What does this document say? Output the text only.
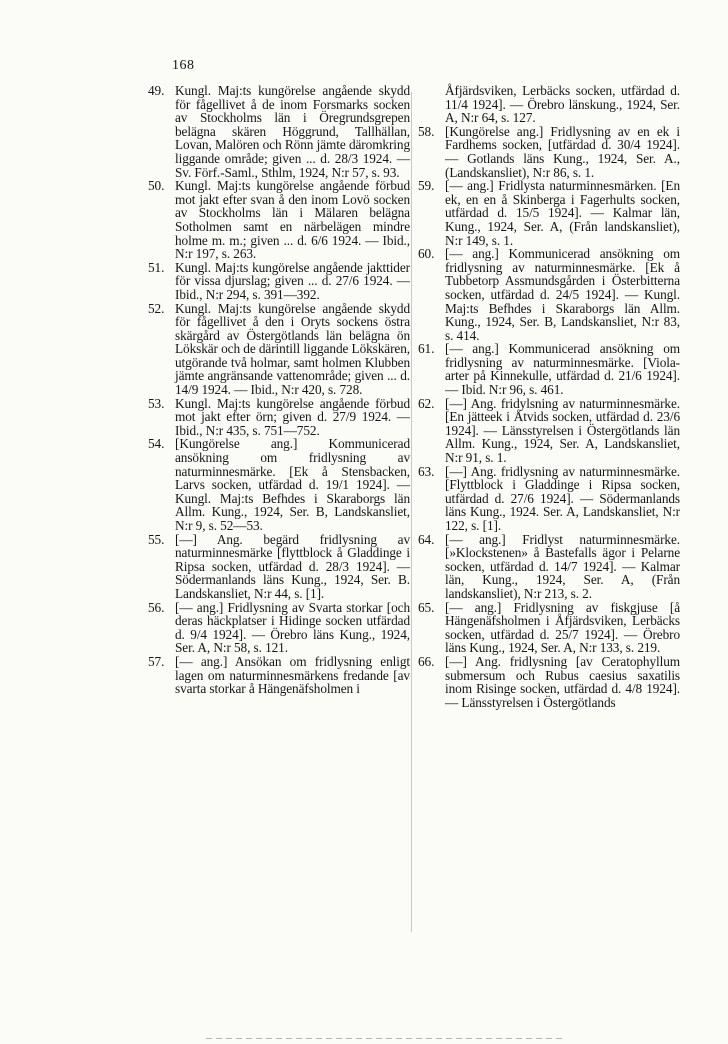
168
49. Kungl. Maj:ts kungörelse angående skydd för fågellivet å de inom Forsmarks socken av Stockholms län i Öregrundsgrepen belägna skären Höggrund, Tallhällan, Lovan, Malören och Rönn jämte däromkring liggande område; given ... d. 28/3 1924. — Sv. Förf.-Saml., Sthlm, 1924, N:r 57, s. 93.
50. Kungl. Maj:ts kungörelse angående förbud mot jakt efter svan å den inom Lovö socken av Stockholms län i Mälaren belägna Sotholmen samt en närbelägen mindre holme m. m.; given ... d. 6/6 1924. — Ibid., N:r 197, s. 263.
51. Kungl. Maj:ts kungörelse angående jakttider för vissa djurslag; given ... d. 27/6 1924. — Ibid., N:r 294, s. 391—392.
52. Kungl. Maj:ts kungörelse angående skydd för fågellivet å den i Oryts sockens östra skärgård av Östergötlands län belägna ön Lökskär och de därintill liggande Lökskären, utgörande två holmar, samt holmen Klubben jämte angränsande vattenområde; given ... d. 14/9 1924. — Ibid., N:r 420, s. 728.
53. Kungl. Maj:ts kungörelse angående förbud mot jakt efter örn; given d. 27/9 1924. — Ibid., N:r 435, s. 751—752.
54. [Kungörelse ang.] Kommunicerad ansökning om fridlysning av naturminnesmärke. [Ek å Stensbacken, Larvs socken, utfärdad d. 19/1 1924]. — Kungl. Maj:ts Befhdes i Skaraborgs län Allm. Kung., 1924, Ser. B, Landskansliet, N:r 9, s. 52—53.
55. [—] Ang. begärd fridlysning av naturminnesmärke [flyttblock å Gladdinge i Ripsa socken, utfärdad d. 28/3 1924]. — Södermanlands läns Kung., 1924, Ser. B. Landskansliet, N:r 44, s. [1].
56. [— ang.] Fridlysning av Svarta storkar [och deras häckplatser i Hidinge socken utfärdad d. 9/4 1924]. — Örebro läns Kung., 1924, Ser. A, N:r 58, s. 121.
57. [— ang.] Ansökan om fridlysning enligt lagen om naturminnesmärkens fredande [av svarta storkar å Hängenäfsholmen i
Åfjärdsviken, Lerbäcks socken, utfärdad d. 11/4 1924]. — Örebro länskung., 1924, Ser. A, N:r 64, s. 127.
58. [Kungörelse ang.] Fridlysning av en ek i Fardhems socken, [utfärdad d. 30/4 1924]. — Gotlands läns Kung., 1924, Ser. A., (Landskansliet), N:r 86, s. 1.
59. [— ang.] Fridlysta naturminnesmärken. [En ek, en en å Skinberga i Fagerhults socken, utfärdad d. 15/5 1924]. — Kalmar län, Kung., 1924, Ser. A, (Från landskansliet), N:r 149, s. 1.
60. [— ang.] Kommunicerad ansökning om fridlysning av naturminnesmärke. [Ek å Tubbetorp Assmundsgården i Österbitterna socken, utfärdad d. 24/5 1924]. — Kungl. Maj:ts Befhdes i Skaraborgs län Allm. Kung., 1924, Ser. B, Landskansliet, N:r 83, s. 414.
61. [— ang.] Kommunicerad ansökning om fridlysning av naturminnesmärke. [Viola-arter på Kinnekulle, utfärdad d. 21/6 1924]. — Ibid. N:r 96, s. 461.
62. [—] Ang. fridylsning av naturminnesmärke. [En jätteek i Åtvids socken, utfärdad d. 23/6 1924]. — Länsstyrelsen i Östergötlands län Allm. Kung., 1924, Ser. A, Landskansliet, N:r 91, s. 1.
63. [—] Ang. fridlysning av naturminnesmärke. [Flyttblock i Gladdinge i Ripsa socken, utfärdad d. 27/6 1924]. — Södermanlands läns Kung., 1924. Ser. A, Landskansliet, N:r 122, s. [1].
64. [— ang.] Fridlyst naturminnesmärke. [»Klockstenen» å Bastefalls ägor i Pelarne socken, utfärdad d. 14/7 1924]. — Kalmar län, Kung., 1924, Ser. A, (Från landskansliet), N:r 213, s. 2.
65. [— ang.] Fridlysning av fiskgjuse [å Hängenäfsholmen i Åfjärdsviken, Lerbäcks socken, utfärdad d. 25/7 1924]. — Örebro läns Kung., 1924, Ser. A, N:r 133, s. 219.
66. [—] Ang. fridlysning [av Ceratophyllum submersum och Rubus caesius saxatilis inom Risinge socken, utfärdad d. 4/8 1924]. — Länsstyrelsen i Östergötlands
